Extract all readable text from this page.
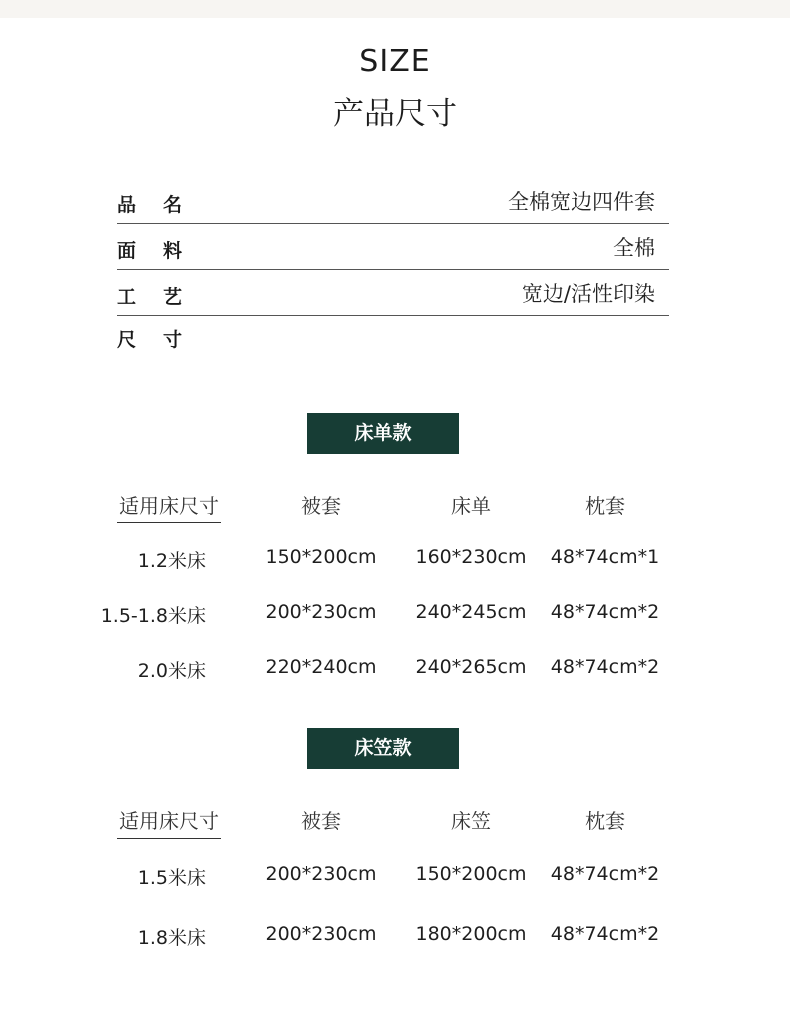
SIZE
产品尺寸
品名	全棉宽边四件套
面料	全棉
工艺	宽边/活性印染
尺寸
床单款
适用床尺寸	被套	床单	枕套
1.2米床	150*200cm	160*230cm	48*74cm*1
1.5-1.8米床	200*230cm	240*245cm	48*74cm*2
2.0米床	220*240cm	240*265cm	48*74cm*2
床笠款
适用床尺寸	被套	床笠	枕套
1.5米床	200*230cm	150*200cm	48*74cm*2
1.8米床	200*230cm	180*200cm	48*74cm*2
